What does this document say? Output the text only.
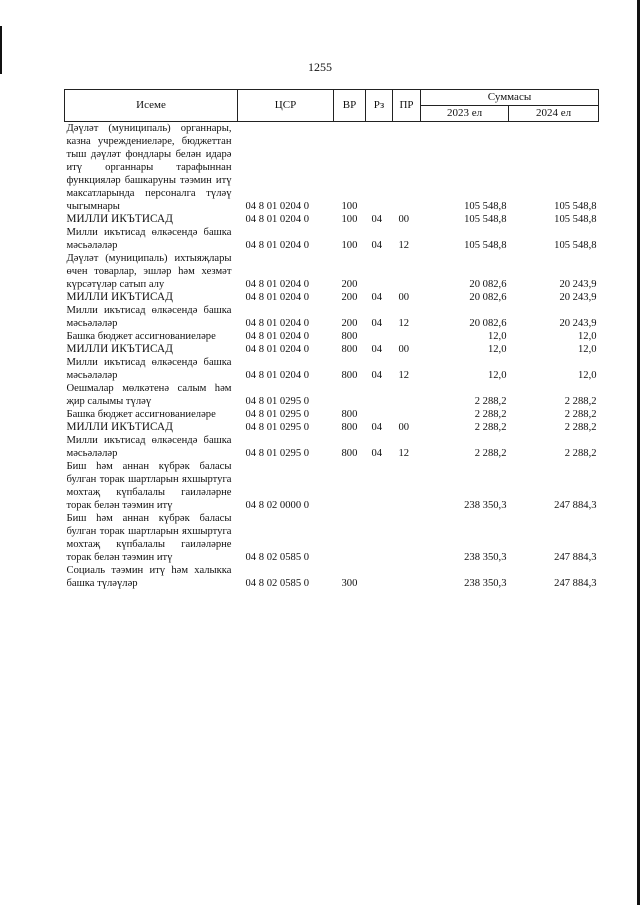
1255
Исеме	ЦСР	ВР	Рз	ПР	Суммасы	
					2023 ел	2024 ел
Дәүләт (муниципаль) органнары, казна учреждениеләре, бюджеттан тыш дәүләт фондлары белән идарә итү органнары тарафыннан функцияләр башкаруны тәэмин итү максатларында персоналга түләү чыгымнары	04 8 01 0204 0	100			105 548,8	105 548,8
МИЛЛИ ИКЪТИСАД	04 8 01 0204 0	100	04	00	105 548,8	105 548,8
Милли икътисад өлкәсендә башка мәсьәләләр	04 8 01 0204 0	100	04	12	105 548,8	105 548,8
Дәүләт (муниципаль) ихтыяҗлары өчен товарлар, эшләр һәм хезмәт күрсәтүләр сатып алу	04 8 01 0204 0	200			20 082,6	20 243,9
МИЛЛИ ИКЪТИСАД	04 8 01 0204 0	200	04	00	20 082,6	20 243,9
Милли икътисад өлкәсендә башка мәсьәләләр	04 8 01 0204 0	200	04	12	20 082,6	20 243,9
Башка бюджет ассигнованиеләре	04 8 01 0204 0	800			12,0	12,0
МИЛЛИ ИКЪТИСАД	04 8 01 0204 0	800	04	00	12,0	12,0
Милли икътисад өлкәсендә башка мәсьәләләр	04 8 01 0204 0	800	04	12	12,0	12,0
Оешмалар мөлкәтенә салым һәм җир салымы түләү	04 8 01 0295 0				2 288,2	2 288,2
Башка бюджет ассигнованиеләре	04 8 01 0295 0	800			2 288,2	2 288,2
МИЛЛИ ИКЪТИСАД	04 8 01 0295 0	800	04	00	2 288,2	2 288,2
Милли икътисад өлкәсендә башка мәсьәләләр	04 8 01 0295 0	800	04	12	2 288,2	2 288,2
Биш һәм аннан күбрәк баласы булган торак шартларын яхшыртуга мохтаҗ күпбалалы гаиләләрне торак белән тәэмин итү	04 8 02 0000 0				238 350,3	247 884,3
Биш һәм аннан күбрәк баласы булган торак шартларын яхшыртуга мохтаҗ күпбалалы гаиләләрне торак белән тәэмин итү	04 8 02 0585 0				238 350,3	247 884,3
Социаль тәэмин итү һәм халыкка башка түләүләр	04 8 02 0585 0	300			238 350,3	247 884,3
